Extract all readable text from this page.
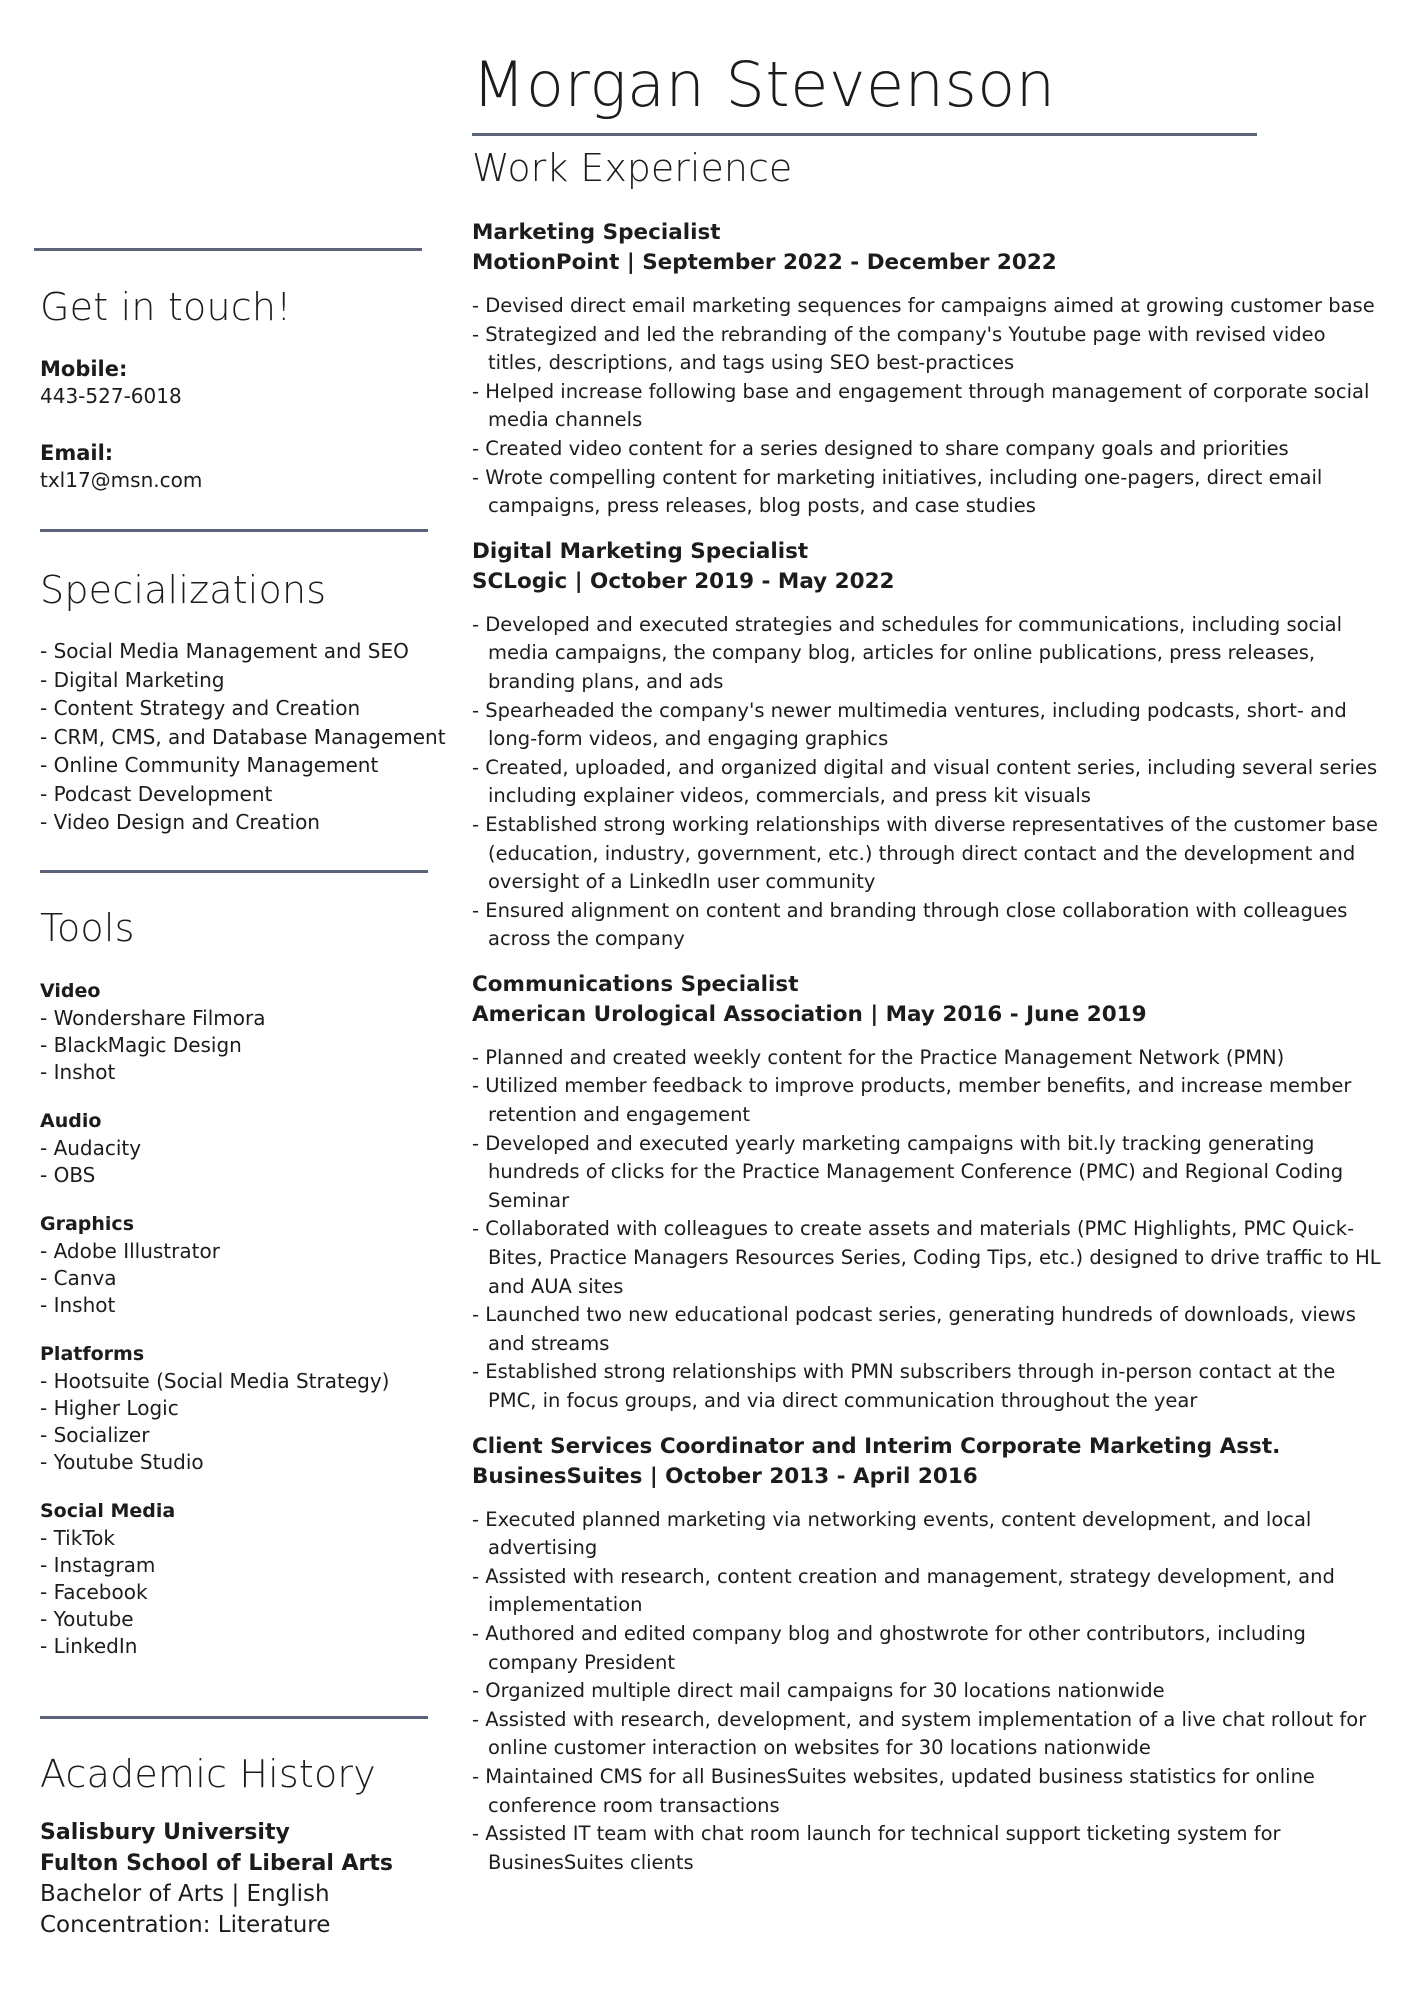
Morgan Stevenson
Work Experience
Get in touch!
Mobile:
443-527-6018
Email:
txl17@msn.com
Specializations
- Social Media Management and SEO
- Digital Marketing
- Content Strategy and Creation
- CRM, CMS, and Database Management
- Online Community Management
- Podcast Development
- Video Design and Creation
Tools
Video
- Wondershare Filmora
- BlackMagic Design
- Inshot
Audio
- Audacity
- OBS
Graphics
- Adobe Illustrator
- Canva
- Inshot
Platforms
- Hootsuite (Social Media Strategy)
- Higher Logic
- Socializer
- Youtube Studio
Social Media
- TikTok
- Instagram
- Facebook
- Youtube
- LinkedIn
Academic History
Salisbury University
Fulton School of Liberal Arts
Bachelor of Arts | English
Concentration: Literature
Marketing Specialist
MotionPoint | September 2022 - December 2022
- Devised direct email marketing sequences for campaigns aimed at growing customer base
- Strategized and led the rebranding of the company's Youtube page with revised video titles, descriptions, and tags using SEO best-practices
- Helped increase following base and engagement through management of corporate social media channels
- Created video content for a series designed to share company goals and priorities
- Wrote compelling content for marketing initiatives, including one-pagers, direct email campaigns, press releases, blog posts, and case studies
Digital Marketing Specialist
SCLogic | October 2019 - May 2022
- Developed and executed strategies and schedules for communications, including social media campaigns, the company blog, articles for online publications, press releases, branding plans, and ads
- Spearheaded the company's newer multimedia ventures, including podcasts, short- and long-form videos, and engaging graphics
- Created, uploaded, and organized digital and visual content series, including several series including explainer videos, commercials, and press kit visuals
- Established strong working relationships with diverse representatives of the customer base (education, industry, government, etc.) through direct contact and the development and oversight of a LinkedIn user community
- Ensured alignment on content and branding through close collaboration with colleagues across the company
Communications Specialist
American Urological Association | May 2016 - June 2019
- Planned and created weekly content for the Practice Management Network (PMN)
- Utilized member feedback to improve products, member benefits, and increase member retention and engagement
- Developed and executed yearly marketing campaigns with bit.ly tracking generating hundreds of clicks for the Practice Management Conference (PMC) and Regional Coding Seminar
- Collaborated with colleagues to create assets and materials (PMC Highlights, PMC Quick-Bites, Practice Managers Resources Series, Coding Tips, etc.) designed to drive traffic to HL and AUA sites
- Launched two new educational podcast series, generating hundreds of downloads, views and streams
- Established strong relationships with PMN subscribers through in-person contact at the PMC, in focus groups, and via direct communication throughout the year
Client Services Coordinator and Interim Corporate Marketing Asst.
BusinesSuites | October 2013 - April 2016
- Executed planned marketing via networking events, content development, and local advertising
- Assisted with research, content creation and management, strategy development, and implementation
- Authored and edited company blog and ghostwrote for other contributors, including company President
- Organized multiple direct mail campaigns for 30 locations nationwide
- Assisted with research, development, and system implementation of a live chat rollout for online customer interaction on websites for 30 locations nationwide
- Maintained CMS for all BusinesSuites websites, updated business statistics for online conference room transactions
- Assisted IT team with chat room launch for technical support ticketing system for BusinesSuites clients
